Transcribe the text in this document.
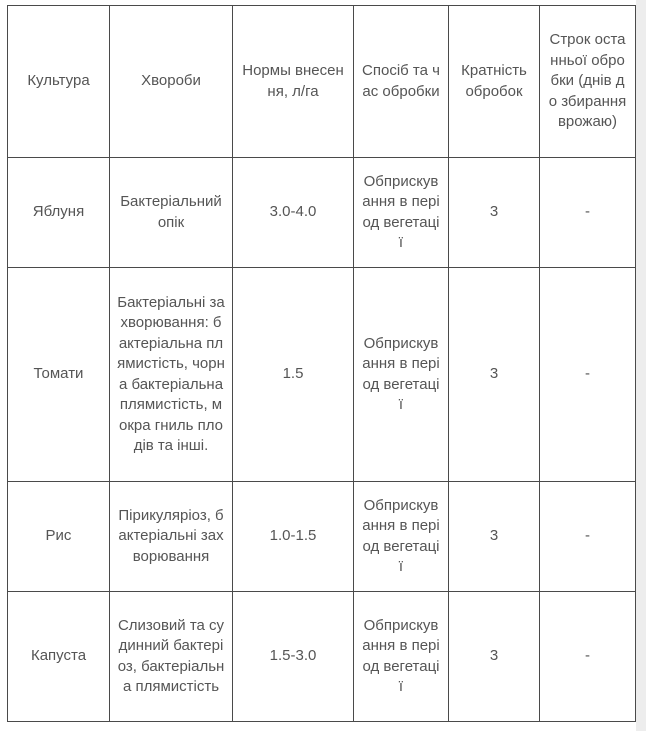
Культура	Хвороби	Нормы внесення, л/га	Спосіб та час обробки	Кратність обробок	Строк останньої обробки (днів до збирання врожаю)
Яблуня	Бактеріальний опік	3.0-4.0	Обприскування в період вегетації	3	-
Томати	Бактеріальні захворювання: бактеріальна плямистість, чорна бактеріальна плямистість, мокра гниль плодів та інші.	1.5	Обприскування в період вегетації	3	-
Рис	Пірикуляріоз, бактеріальні захворювання	1.0-1.5	Обприскування в період вегетації	3	-
Капуста	Слизовий та судинний бактеріоз, бактеріальна плямистість	1.5-3.0	Обприскування в період вегетації	3	-
